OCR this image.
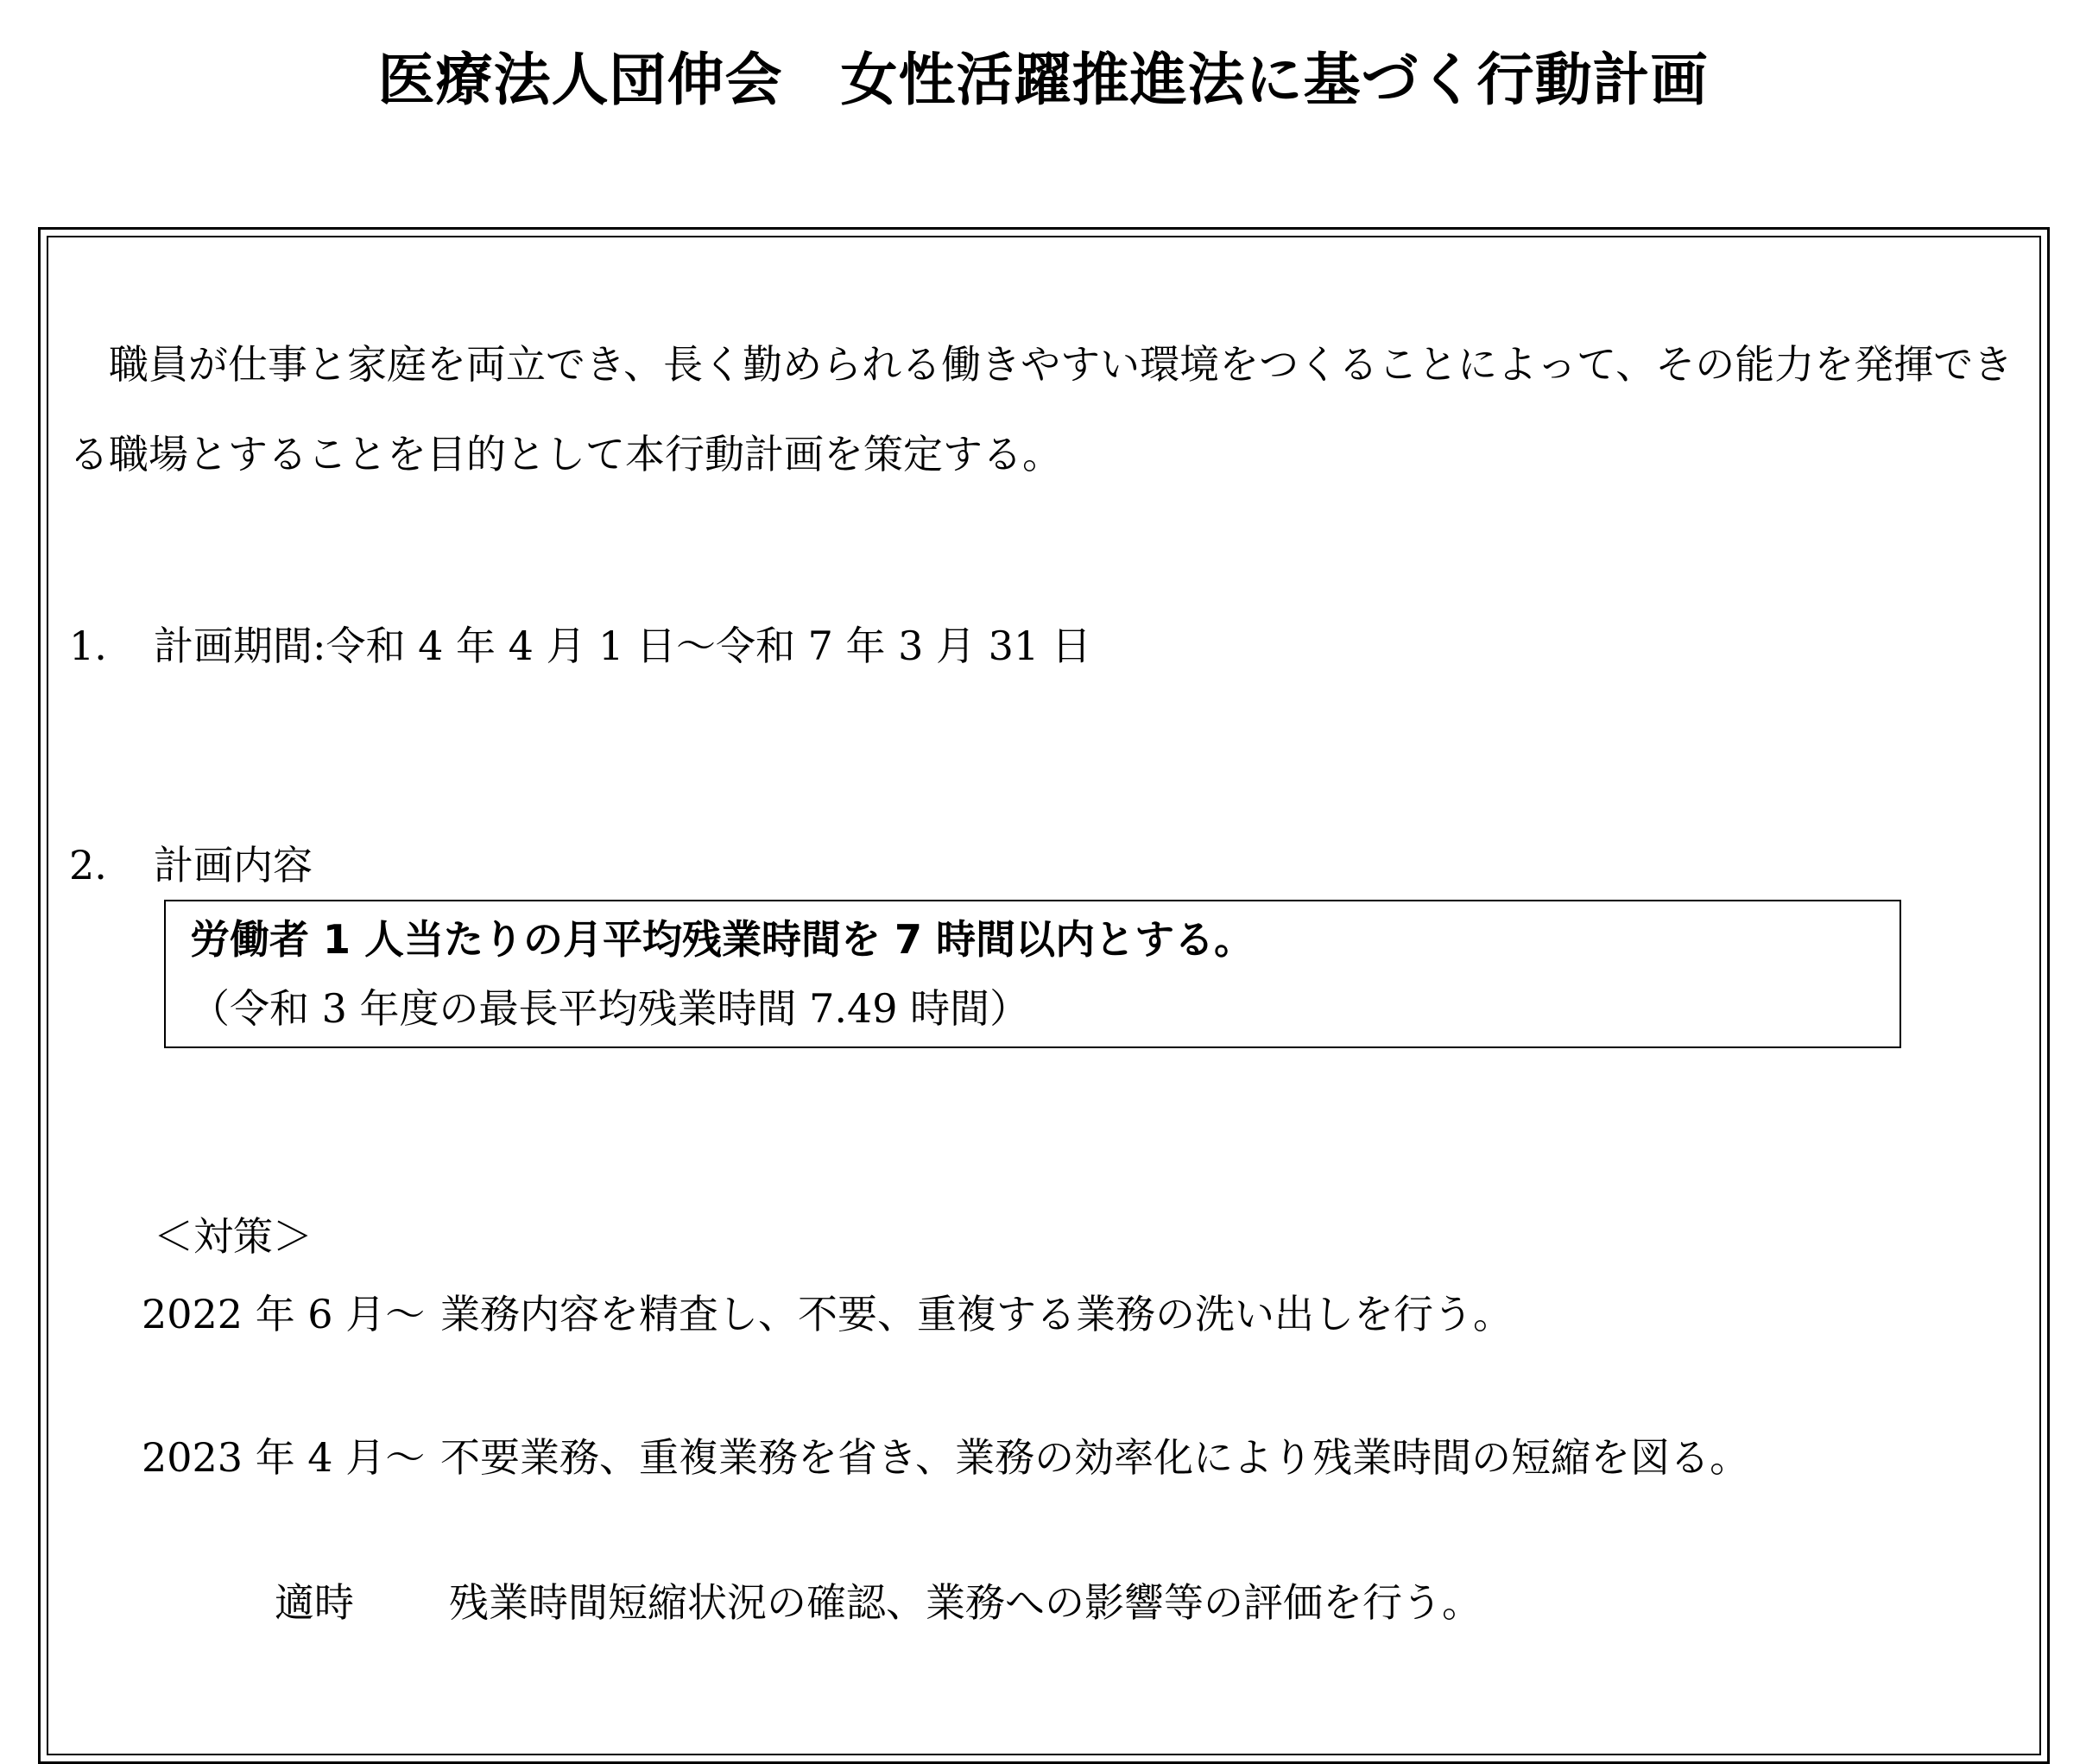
医療法人団伸会　女性活躍推進法に基づく行動計画
職員が仕事と家庭を両立でき、長く勤められる働きやすい環境をつくることによって、その能力を発揮できる職場とすることを目的として本行動計画を策定する。
1. 計画期間:令和 4 年 4 月 1 日～令和 7 年 3 月 31 日
2. 計画内容
労働者 1 人当たりの月平均残業時間を 7 時間以内とする。
（令和 3 年度の最長平均残業時間 7.49 時間）
＜対策＞
2022 年 6 月～ 業務内容を精査し、不要、重複する業務の洗い出しを行う。
2023 年 4 月～ 不要業務、重複業務を省き、業務の効率化により残業時間の短縮を図る。
適時 残業時間短縮状況の確認、業務への影響等の評価を行う。
